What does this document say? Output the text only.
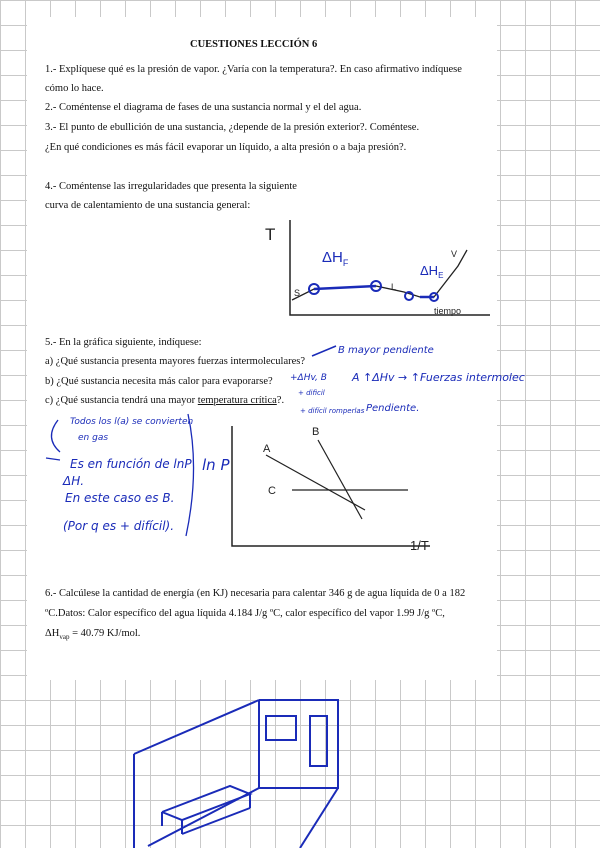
CUESTIONES LECCIÓN 6
1.- Explíquese qué es la presión de vapor. ¿Varía con la temperatura?. En caso afirmativo indíquese
cómo lo hace.
2.- Coméntense el diagrama de fases de una sustancia normal y el del agua.
3.- El punto de ebullición de una sustancia, ¿depende de la presión exterior?. Coméntese.
¿En qué condiciones es más fácil evaporar un líquido, a alta presión o a baja presión?.
4.- Coméntense las irregularidades que presenta la siguiente
curva de calentamiento de una sustancia general:
5.- En la gráfica siguiente, indíquese:
a) ¿Qué sustancia presenta mayores fuerzas intermoleculares?
b) ¿Qué sustancia necesita más calor para evaporarse?
c) ¿Qué sustancia tendrá una mayor temperatura crítica?.
6.- Calcúlese la cantidad de energía (en KJ) necesaria para calentar 346 g de agua líquida de 0 a 182
ºC.Datos: Calor específico del agua líquida 4.184 J/g ºC, calor específico del vapor 1.99 J/g ºC,
$\Delta H_{vap} = 40.79$ KJ/mol.
T
tiempo
S
L
V
$\Delta H_F$	$\Delta H_E$
A
B
C
1/T
B mayor pendiente
+ΔHv, B A ↑ΔHv → ↑Fuerzas intermolec
+ dificil
+ difícil romperlas Pendiente.
Todos los l(a) se convierten
en gas
Es en función de lnP
ΔH.
En este caso es B.
(Por q es + difícil).
ln P
